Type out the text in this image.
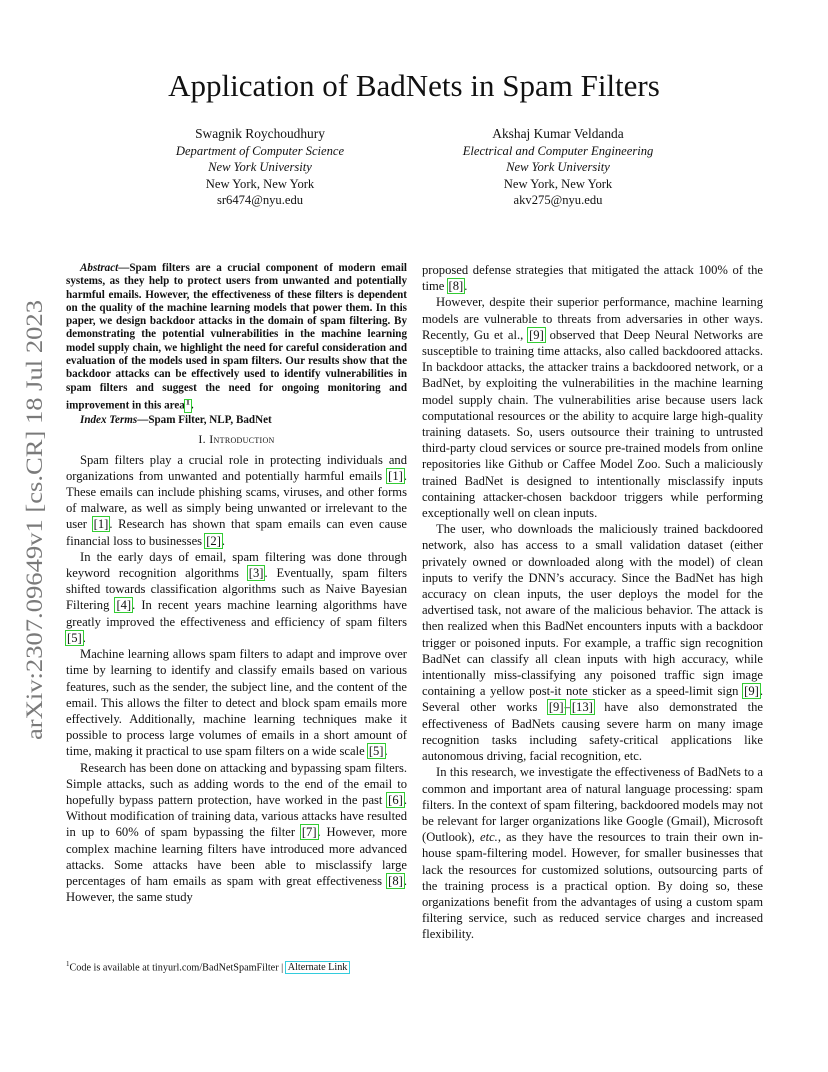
arXiv:2307.09649v1 [cs.CR] 18 Jul 2023
Application of BadNets in Spam Filters
Swagnik Roychoudhury
Department of Computer Science
New York University
New York, New York
sr6474@nyu.edu
Akshaj Kumar Veldanda
Electrical and Computer Engineering
New York University
New York, New York
akv275@nyu.edu

Abstract—Spam filters are a crucial component of modern email systems, as they help to protect users from unwanted and potentially harmful emails. However, the effectiveness of these filters is dependent on the quality of the machine learning models that power them. In this paper, we design backdoor attacks in the domain of spam filtering. By demonstrating the potential vulnerabilities in the machine learning model supply chain, we highlight the need for careful consideration and evaluation of the models used in spam filters. Our results show that the backdoor attacks can be effectively used to identify vulnerabilities in spam filters and suggest the need for ongoing monitoring and improvement in this area$^1$.

Index Terms—Spam Filter, NLP, BadNet

I. Introduction

Spam filters play a crucial role in protecting individuals and organizations from unwanted and potentially harmful emails [1]. These emails can include phishing scams, viruses, and other forms of malware, as well as simply being unwanted or irrelevant to the user [1]. Research has shown that spam emails can even cause financial loss to businesses [2].

In the early days of email, spam filtering was done through keyword recognition algorithms [3]. Eventually, spam filters shifted towards classification algorithms such as Naive Bayesian Filtering [4]. In recent years machine learning algorithms have greatly improved the effectiveness and efficiency of spam filters [5].

Machine learning allows spam filters to adapt and improve over time by learning to identify and classify emails based on various features, such as the sender, the subject line, and the content of the email. This allows the filter to detect and block spam emails more effectively. Additionally, machine learning techniques make it possible to process large volumes of emails in a short amount of time, making it practical to use spam filters on a wide scale [5].

Research has been done on attacking and bypassing spam filters. Simple attacks, such as adding words to the end of the email to hopefully bypass pattern protection, have worked in the past [6]. Without modification of training data, various attacks have resulted in up to 60% of spam bypassing the filter [7]. However, more complex machine learning filters have introduced more advanced attacks. Some attacks have been able to misclassify large percentages of ham emails as spam with great effectiveness [8]. However, the same study

proposed defense strategies that mitigated the attack 100% of the time [8].

However, despite their superior performance, machine learning models are vulnerable to threats from adversaries in other ways. Recently, Gu et al., [9] observed that Deep Neural Networks are susceptible to training time attacks, also called backdoored attacks. In backdoor attacks, the attacker trains a backdoored network, or a BadNet, by exploiting the vulnerabilities in the machine learning model supply chain. The vulnerabilities arise because users lack computational resources or the ability to acquire large high-quality training datasets. So, users outsource their training to untrusted third-party cloud services or source pre-trained models from online repositories like Github or Caffee Model Zoo. Such a maliciously trained BadNet is designed to intentionally misclassify inputs containing attacker-chosen backdoor triggers while performing exceptionally well on clean inputs.

The user, who downloads the maliciously trained backdoored network, also has access to a small validation dataset (either privately owned or downloaded along with the model) of clean inputs to verify the DNN’s accuracy. Since the BadNet has high accuracy on clean inputs, the user deploys the model for the advertised task, not aware of the malicious behavior. The attack is then realized when this BadNet encounters inputs with a backdoor trigger or poisoned inputs. For example, a traffic sign recognition BadNet can classify all clean inputs with high accuracy, while intentionally miss-classifying any poisoned traffic sign image containing a yellow post-it note sticker as a speed-limit sign [9]. Several other works [9]–[13] have also demonstrated the effectiveness of BadNets causing severe harm on many image recognition tasks including safety-critical applications like autonomous driving, facial recognition, etc.

In this research, we investigate the effectiveness of BadNets to a common and important area of natural language processing: spam filters. In the context of spam filtering, backdoored models may not be relevant for larger organizations like Google (Gmail), Microsoft (Outlook), etc., as they have the resources to train their own in-house spam-filtering model. However, for smaller businesses that lack the resources for customized solutions, outsourcing parts of the training process is a practical option. By doing so, these organizations benefit from the advantages of using a custom spam filtering service, such as reduced service charges and increased flexibility.

$^1$Code is available at tinyurl.com/BadNetSpamFilter | Alternate Link
